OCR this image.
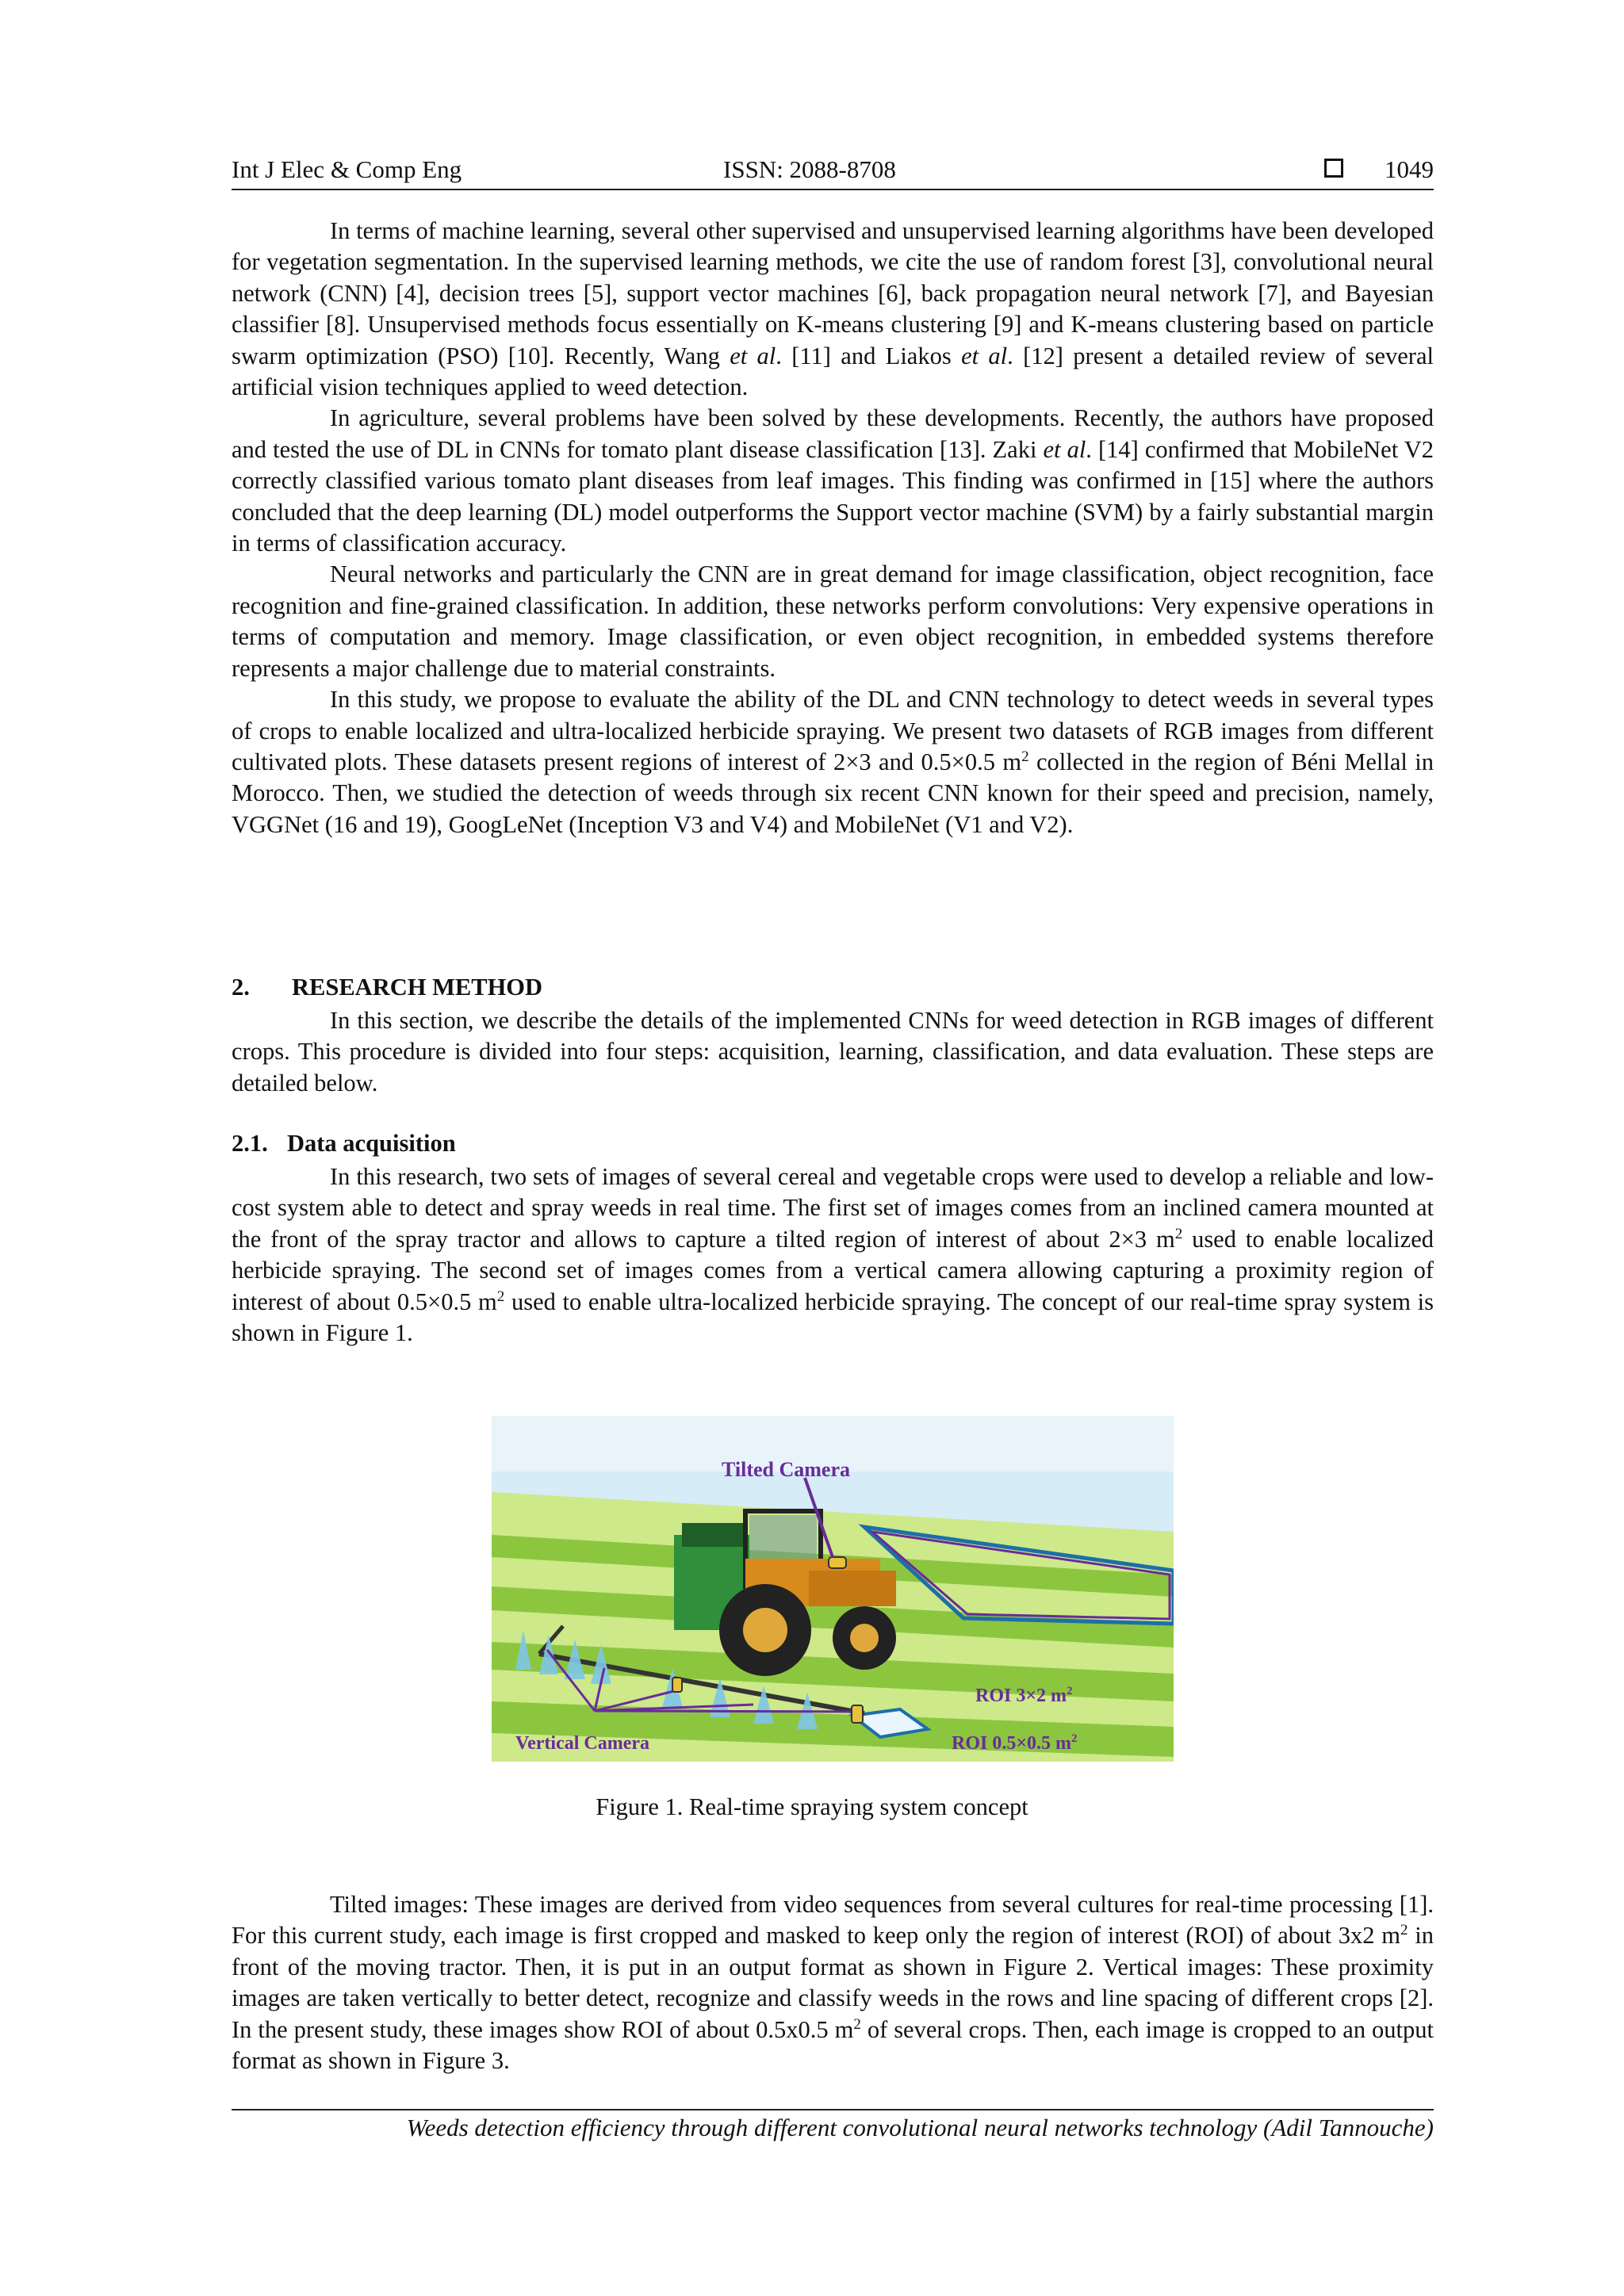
Int J Elec & Comp Eng	ISSN: 2088-8708	1049

In terms of machine learning, several other supervised and unsupervised learning algorithms have been developed for vegetation segmentation. In the supervised learning methods, we cite the use of random forest [3], convolutional neural network (CNN) [4], decision trees [5], support vector machines [6], back propagation neural network [7], and Bayesian classifier [8]. Unsupervised methods focus essentially on K-means clustering [9] and K-means clustering based on particle swarm optimization (PSO) [10]. Recently, Wang et al. [11] and Liakos et al. [12] present a detailed review of several artificial vision techniques applied to weed detection.

In agriculture, several problems have been solved by these developments. Recently, the authors have proposed and tested the use of DL in CNNs for tomato plant disease classification [13]. Zaki et al. [14] confirmed that MobileNet V2 correctly classified various tomato plant diseases from leaf images. This finding was confirmed in [15] where the authors concluded that the deep learning (DL) model outperforms the Support vector machine (SVM) by a fairly substantial margin in terms of classification accuracy.

Neural networks and particularly the CNN are in great demand for image classification, object recognition, face recognition and fine-grained classification. In addition, these networks perform convolutions: Very expensive operations in terms of computation and memory. Image classification, or even object recognition, in embedded systems therefore represents a major challenge due to material constraints.

In this study, we propose to evaluate the ability of the DL and CNN technology to detect weeds in several types of crops to enable localized and ultra-localized herbicide spraying. We present two datasets of RGB images from different cultivated plots. These datasets present regions of interest of 2×3 and 0.5×0.5 $m^2$ collected in the region of Béni Mellal in Morocco. Then, we studied the detection of weeds through six recent CNN known for their speed and precision, namely, VGGNet (16 and 19), GoogLeNet (Inception V3 and V4) and MobileNet (V1 and V2).

2. RESEARCH METHOD

In this section, we describe the details of the implemented CNNs for weed detection in RGB images of different crops. This procedure is divided into four steps: acquisition, learning, classification, and data evaluation. These steps are detailed below.

2.1. Data acquisition

In this research, two sets of images of several cereal and vegetable crops were used to develop a reliable and low-cost system able to detect and spray weeds in real time. The first set of images comes from an inclined camera mounted at the front of the spray tractor and allows to capture a tilted region of interest of about 2×3 $m^2$ used to enable localized herbicide spraying. The second set of images comes from a vertical camera allowing capturing a proximity region of interest of about 0.5×0.5 $m^2$ used to enable ultra-localized herbicide spraying. The concept of our real-time spray system is shown in Figure 1.

Tilted Camera
Vertical Camera
ROI 3×2 $m^2$
ROI 0.5×0.5 $m^2$
Figure 1. Real-time spraying system concept

Tilted images: These images are derived from video sequences from several cultures for real-time processing [1]. For this current study, each image is first cropped and masked to keep only the region of interest (ROI) of about 3x2 $m^2$ in front of the moving tractor. Then, it is put in an output format as shown in Figure 2. Vertical images: These proximity images are taken vertically to better detect, recognize and classify weeds in the rows and line spacing of different crops [2]. In the present study, these images show ROI of about 0.5x0.5 $m^2$ of several crops. Then, each image is cropped to an output format as shown in Figure 3.

Weeds detection efficiency through different convolutional neural networks technology (Adil Tannouche)
